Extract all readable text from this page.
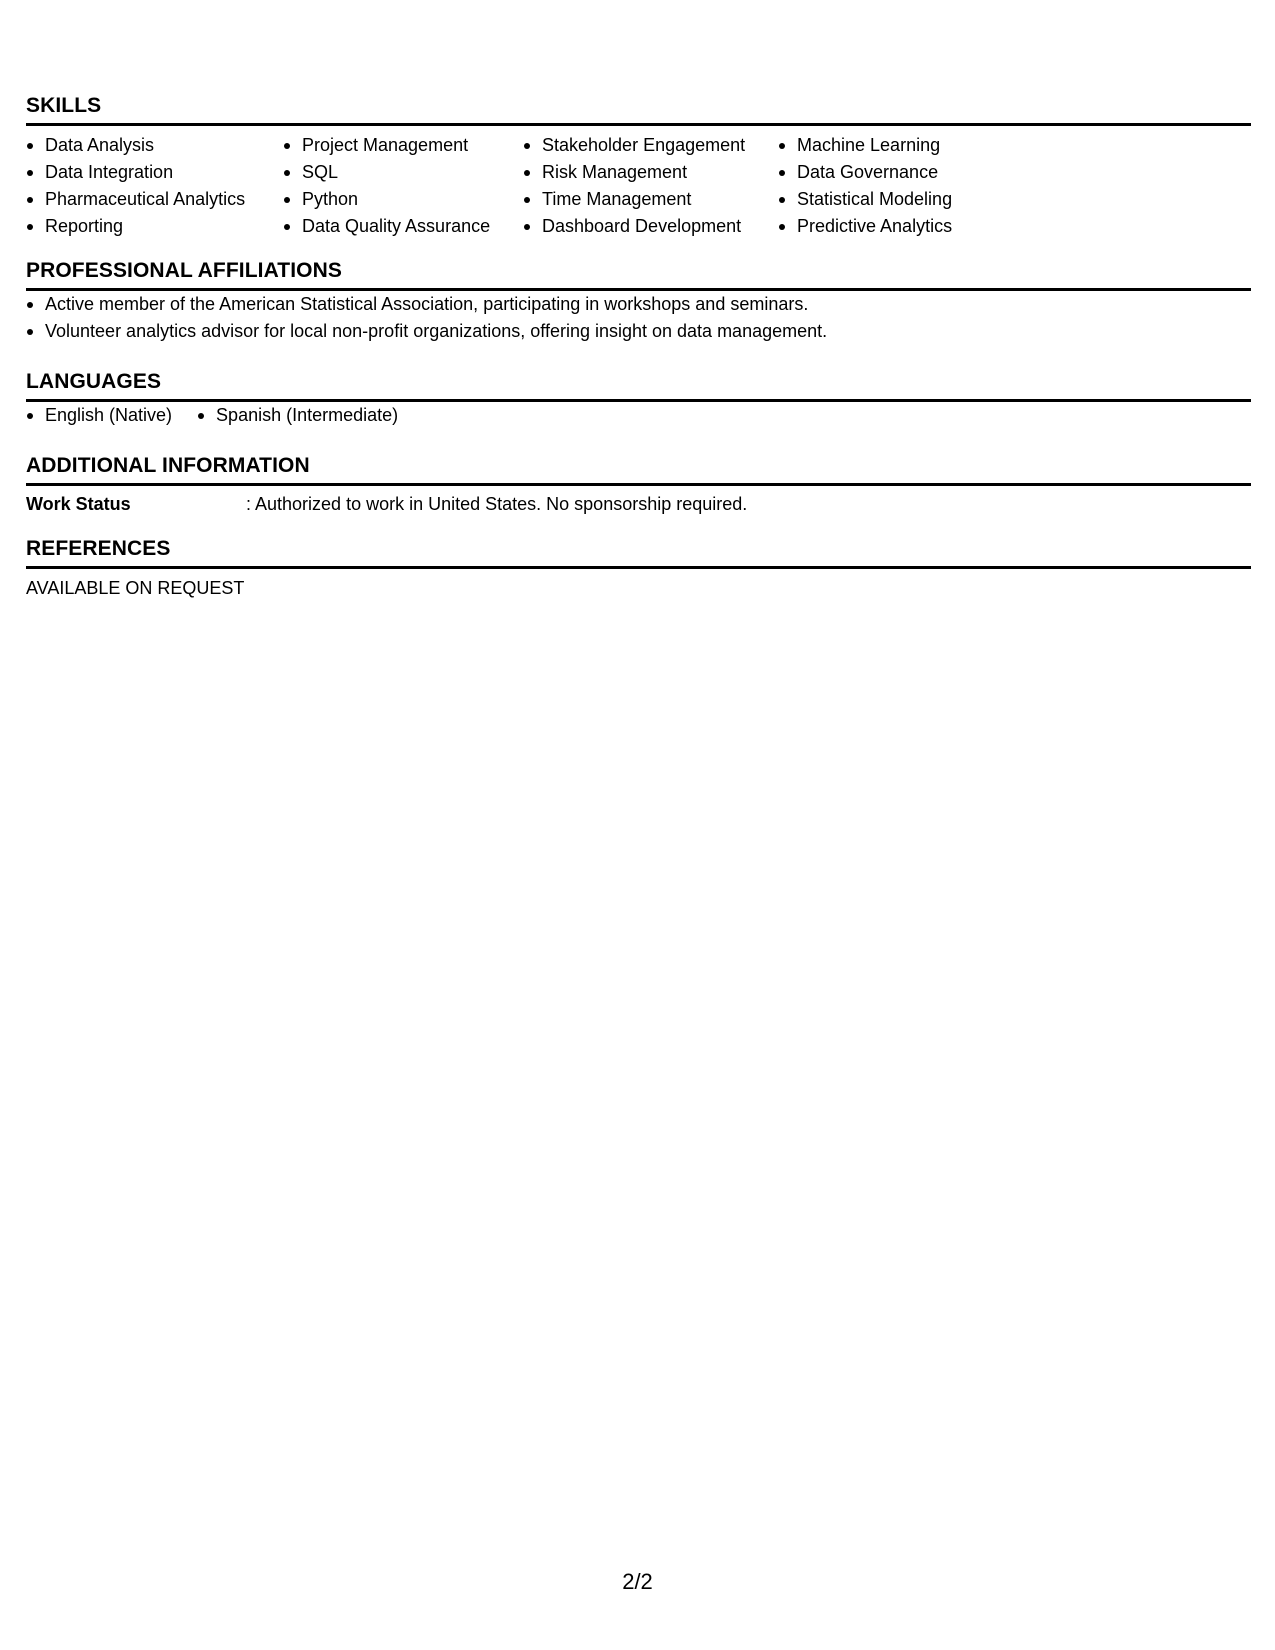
SKILLS
Data Analysis
Data Integration
Pharmaceutical Analytics
Reporting
Project Management
SQL
Python
Data Quality Assurance
Stakeholder Engagement
Risk Management
Time Management
Dashboard Development
Machine Learning
Data Governance
Statistical Modeling
Predictive Analytics
PROFESSIONAL AFFILIATIONS
Active member of the American Statistical Association, participating in workshops and seminars.
Volunteer analytics advisor for local non-profit organizations, offering insight on data management.
LANGUAGES
English (Native)	Spanish (Intermediate)
ADDITIONAL INFORMATION
Work Status	: Authorized to work in United States. No sponsorship required.
REFERENCES
AVAILABLE ON REQUEST
2/2
